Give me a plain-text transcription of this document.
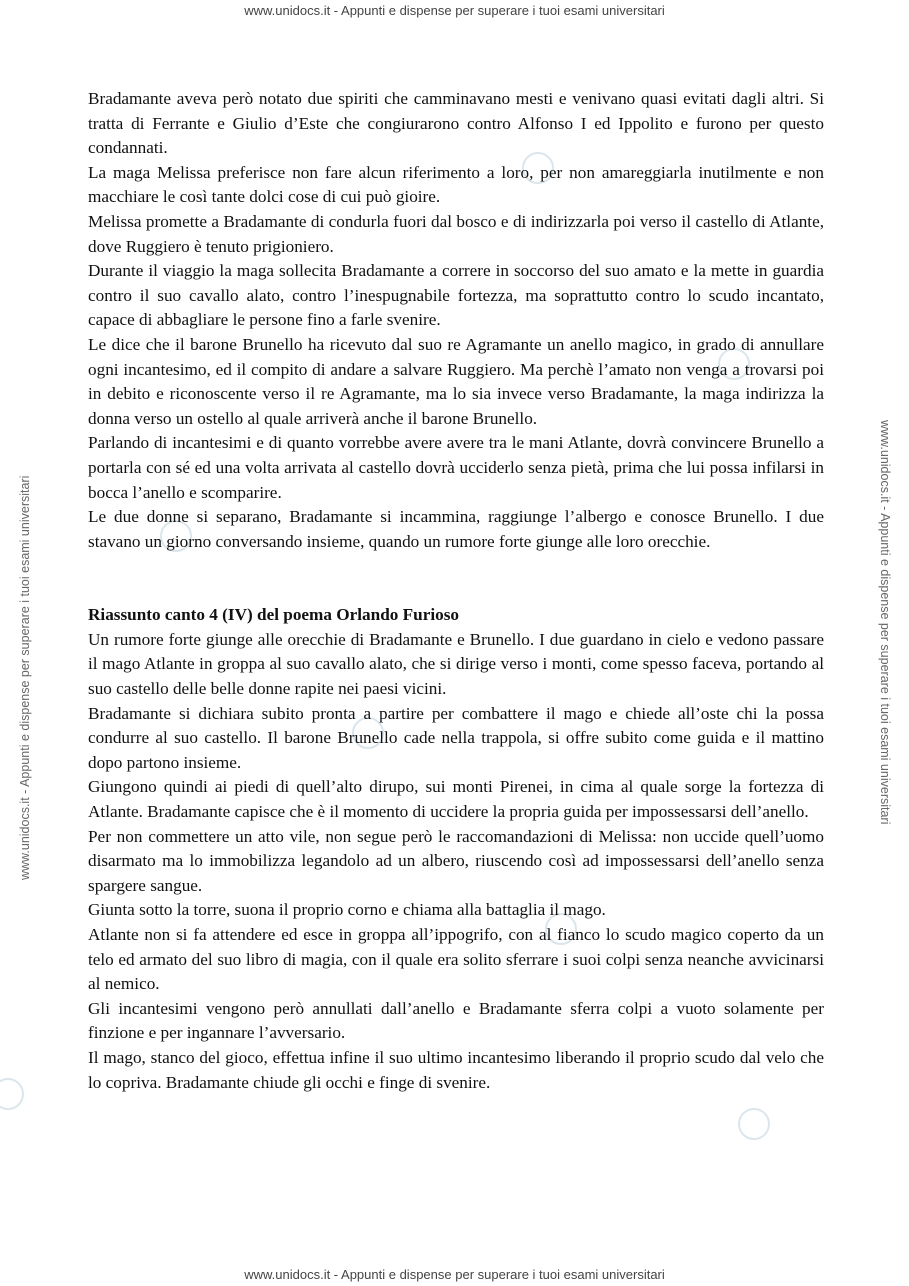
www.unidocs.it - Appunti e dispense per superare i tuoi esami universitari
www.unidocs.it - Appunti e dispense per superare i tuoi esami universitari
www.unidocs.it - Appunti e dispense per superare i tuoi esami universitari	www.unidocs.it - Appunti e dispense per superare i tuoi esami universitari

Bradamante aveva però notato due spiriti che camminavano mesti e venivano quasi evitati dagli altri. Si tratta di Ferrante e Giulio d’Este che congiurarono contro Alfonso I ed Ippolito e furono per questo condannati.

La maga Melissa preferisce non fare alcun riferimento a loro, per non amareggiarla inutilmente e non macchiare le così tante dolci cose di cui può gioire.

Melissa promette a Bradamante di condurla fuori dal bosco e di indirizzarla poi verso il castello di Atlante, dove Ruggiero è tenuto prigioniero.

Durante il viaggio la maga sollecita Bradamante a correre in soccorso del suo amato e la mette in guardia contro il suo cavallo alato, contro l’inespugnabile fortezza, ma soprattutto contro lo scudo incantato, capace di abbagliare le persone fino a farle svenire.

Le dice che il barone Brunello ha ricevuto dal suo re Agramante un anello magico, in grado di annullare ogni incantesimo, ed il compito di andare a salvare Ruggiero. Ma perchè l’amato non venga a trovarsi poi in debito e riconoscente verso il re Agramante, ma lo sia invece verso Bradamante, la maga indirizza la donna verso un ostello al quale arriverà anche il barone Brunello.

Parlando di incantesimi e di quanto vorrebbe avere avere tra le mani Atlante, dovrà convincere Brunello a portarla con sé ed una volta arrivata al castello dovrà ucciderlo senza pietà, prima che lui possa infilarsi in bocca l’anello e scomparire.

Le due donne si separano, Bradamante si incammina, raggiunge l’albergo e conosce Brunello. I due stavano un giorno conversando insieme, quando un rumore forte giunge alle loro orecchie.

Riassunto canto 4 (IV) del poema Orlando Furioso

Un rumore forte giunge alle orecchie di Bradamante e Brunello. I due guardano in cielo e vedono passare il mago Atlante in groppa al suo cavallo alato, che si dirige verso i monti, come spesso faceva, portando al suo castello delle belle donne rapite nei paesi vicini.

Bradamante si dichiara subito pronta a partire per combattere il mago e chiede all’oste chi la possa condurre al suo castello. Il barone Brunello cade nella trappola, si offre subito come guida e il mattino dopo partono insieme.

Giungono quindi ai piedi di quell’alto dirupo, sui monti Pirenei, in cima al quale sorge la fortezza di Atlante. Bradamante capisce che è il momento di uccidere la propria guida per impossessarsi dell’anello.

Per non commettere un atto vile, non segue però le raccomandazioni di Melissa: non uccide quell’uomo disarmato ma lo immobilizza legandolo ad un albero, riuscendo così ad impossessarsi dell’anello senza spargere sangue.

Giunta sotto la torre, suona il proprio corno e chiama alla battaglia il mago.

Atlante non si fa attendere ed esce in groppa all’ippogrifo, con al fianco lo scudo magico coperto da un telo ed armato del suo libro di magia, con il quale era solito sferrare i suoi colpi senza neanche avvicinarsi al nemico.

Gli incantesimi vengono però annullati dall’anello e Bradamante sferra colpi a vuoto solamente per finzione e per ingannare l’avversario.

Il mago, stanco del gioco, effettua infine il suo ultimo incantesimo liberando il proprio scudo dal velo che lo copriva. Bradamante chiude gli occhi e finge di svenire.
